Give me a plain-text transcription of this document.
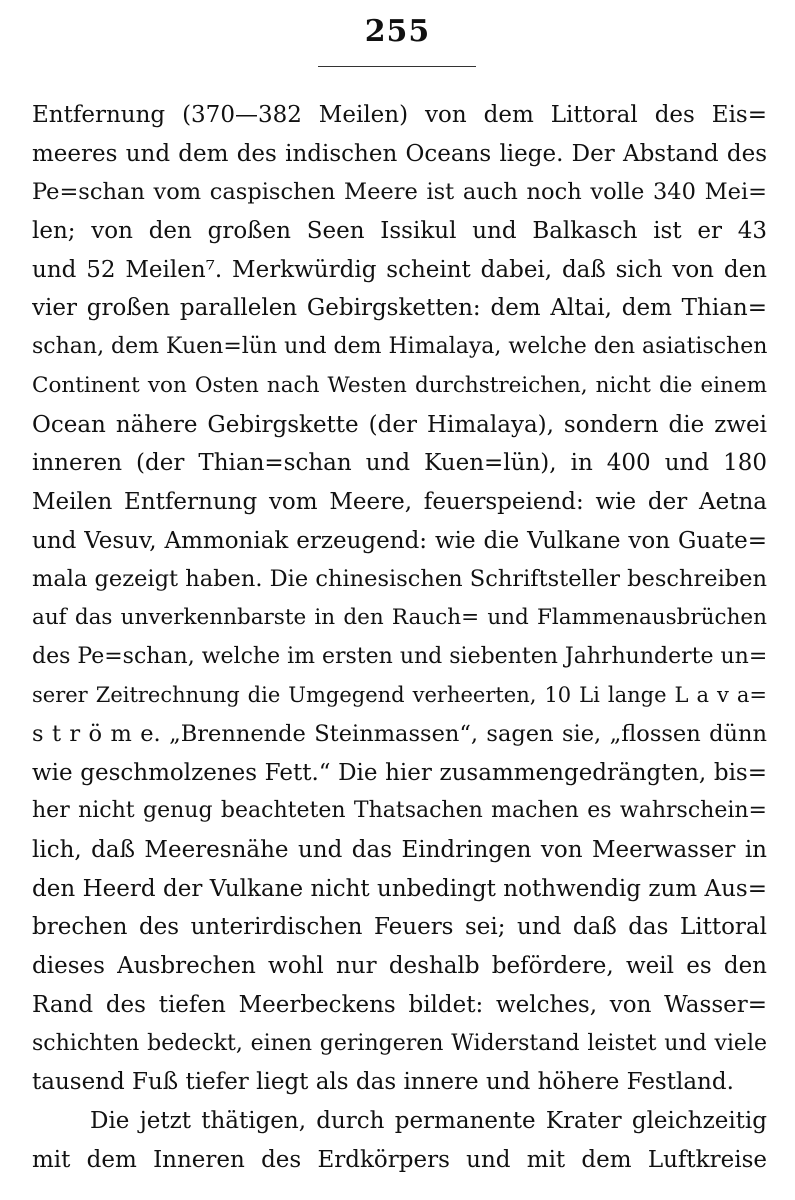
255
Entfernung (370—382 Meilen) von dem Littoral des Eis=
meeres und dem des indischen Oceans liege. Der Abstand des
Pe=schan vom caspischen Meere ist auch noch volle 340 Mei=
len; von den großen Seen Issikul und Balkasch ist er 43
und 52 Meilen⁷. Merkwürdig scheint dabei, daß sich von den
vier großen parallelen Gebirgsketten: dem Altai, dem Thian=
schan, dem Kuen=lün und dem Himalaya, welche den asiatischen
Continent von Osten nach Westen durchstreichen, nicht die einem
Ocean nähere Gebirgskette (der Himalaya), sondern die zwei
inneren (der Thian=schan und Kuen=lün), in 400 und 180
Meilen Entfernung vom Meere, feuerspeiend: wie der Aetna
und Vesuv, Ammoniak erzeugend: wie die Vulkane von Guate=
mala gezeigt haben. Die chinesischen Schriftsteller beschreiben
auf das unverkennbarste in den Rauch= und Flammenausbrüchen
des Pe=schan, welche im ersten und siebenten Jahrhunderte un=
serer Zeitrechnung die Umgegend verheerten, 10 Li lange L a v a=
s t r ö m e. „Brennende Steinmassen“, sagen sie, „flossen dünn
wie geschmolzenes Fett.“ Die hier zusammengedrängten, bis=
her nicht genug beachteten Thatsachen machen es wahrschein=
lich, daß Meeresnähe und das Eindringen von Meerwasser in
den Heerd der Vulkane nicht unbedingt nothwendig zum Aus=
brechen des unterirdischen Feuers sei; und daß das Littoral
dieses Ausbrechen wohl nur deshalb befördere, weil es den
Rand des tiefen Meerbeckens bildet: welches, von Wasser=
schichten bedeckt, einen geringeren Widerstand leistet und viele
tausend Fuß tiefer liegt als das innere und höhere Festland.
Die jetzt thätigen, durch permanente Krater gleichzeitig
mit dem Inneren des Erdkörpers und mit dem Luftkreise
